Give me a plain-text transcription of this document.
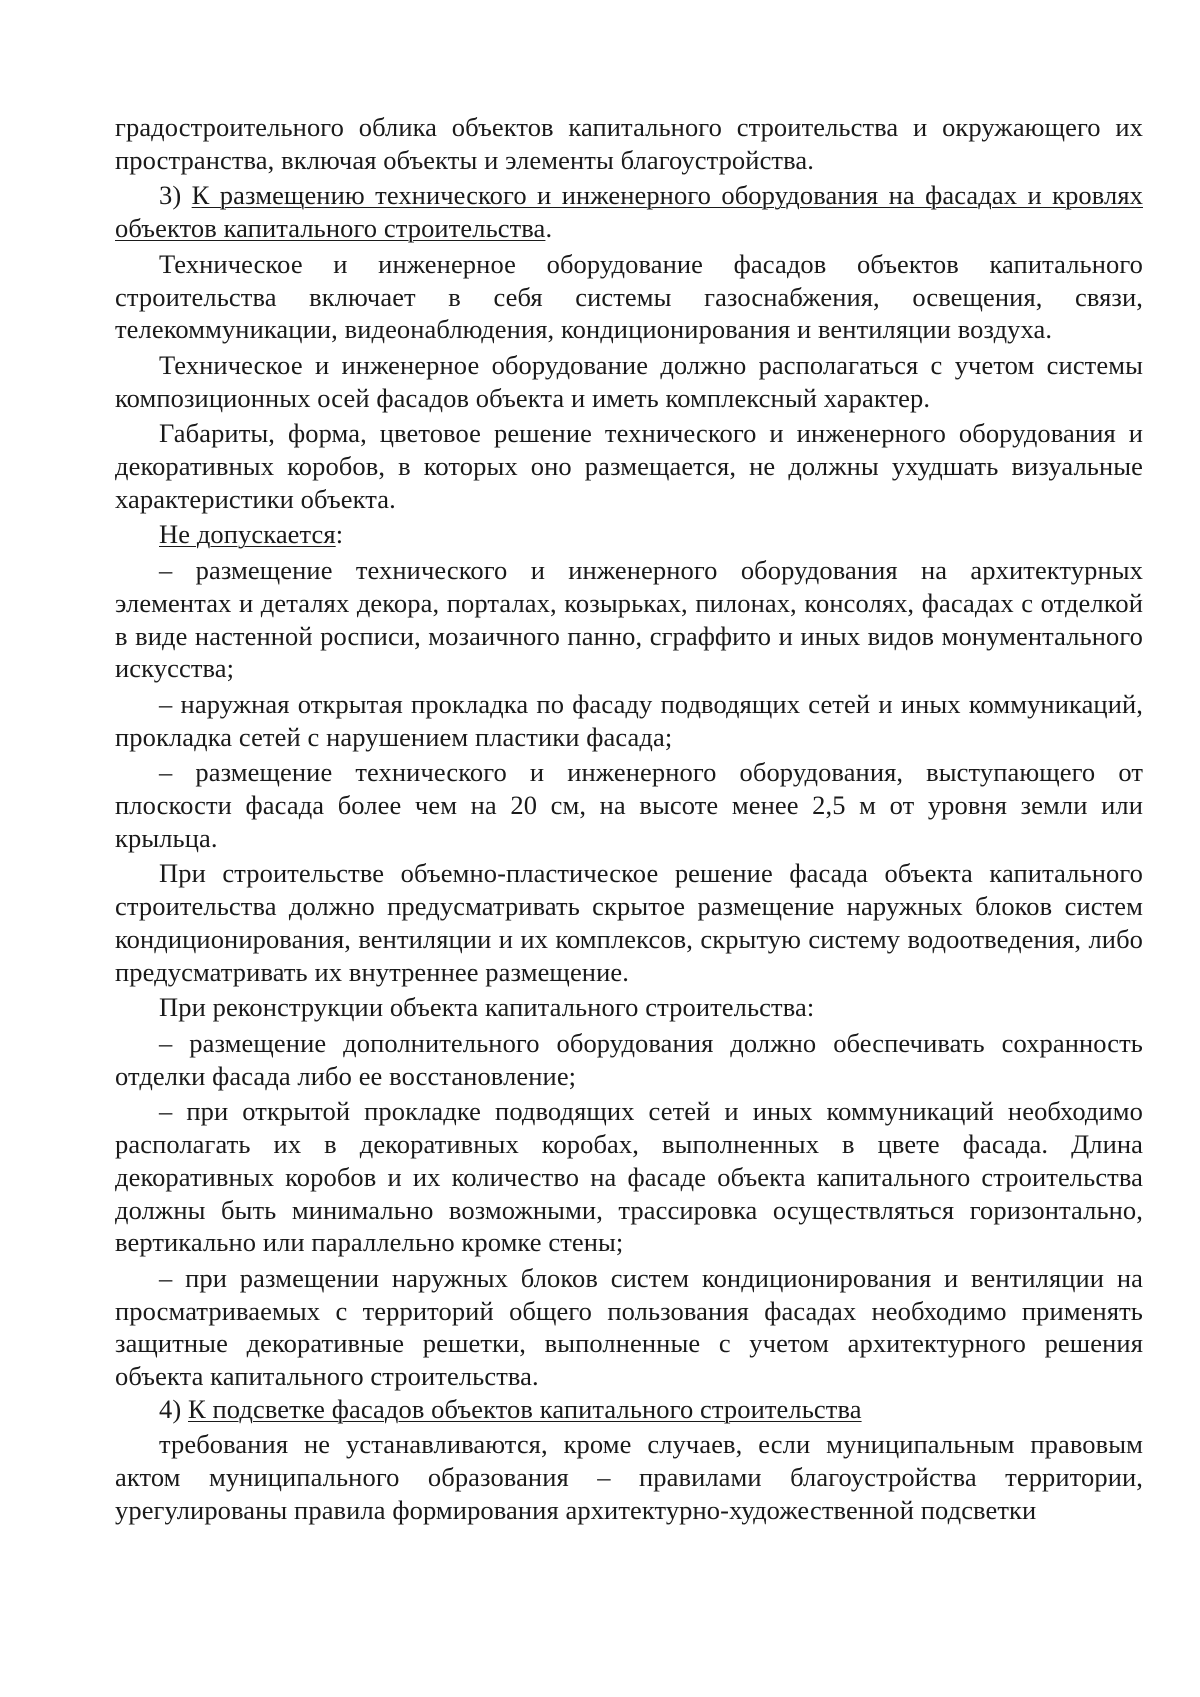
градостроительного облика объектов капитального строительства и окружающего их пространства, включая объекты и элементы благоустройства.

3) К размещению технического и инженерного оборудования на фасадах и кровлях объектов капитального строительства.

Техническое и инженерное оборудование фасадов объектов капитального строительства включает в себя системы газоснабжения, освещения, связи, телекоммуникации, видеонаблюдения, кондиционирования и вентиляции воздуха.

Техническое и инженерное оборудование должно располагаться с учетом системы композиционных осей фасадов объекта и иметь комплексный характер.

Габариты, форма, цветовое решение технического и инженерного оборудования и декоративных коробов, в которых оно размещается, не должны ухудшать визуальные характеристики объекта.

Не допускается:

– размещение технического и инженерного оборудования на архитектурных элементах и деталях декора, порталах, козырьках, пилонах, консолях, фасадах с отделкой в виде настенной росписи, мозаичного панно, сграффито и иных видов монументального искусства;

– наружная открытая прокладка по фасаду подводящих сетей и иных коммуникаций, прокладка сетей с нарушением пластики фасада;

– размещение технического и инженерного оборудования, выступающего от плоскости фасада более чем на 20 см, на высоте менее 2,5 м от уровня земли или крыльца.

При строительстве объемно-пластическое решение фасада объекта капитального строительства должно предусматривать скрытое размещение наружных блоков систем кондиционирования, вентиляции и их комплексов, скрытую систему водоотведения, либо предусматривать их внутреннее размещение.

При реконструкции объекта капитального строительства:

– размещение дополнительного оборудования должно обеспечивать сохранность отделки фасада либо ее восстановление;

– при открытой прокладке подводящих сетей и иных коммуникаций необходимо располагать их в декоративных коробах, выполненных в цвете фасада. Длина декоративных коробов и их количество на фасаде объекта капитального строительства должны быть минимально возможными, трассировка осуществляться горизонтально, вертикально или параллельно кромке стены;

– при размещении наружных блоков систем кондиционирования и вентиляции на просматриваемых с территорий общего пользования фасадах необходимо применять защитные декоративные решетки, выполненные с учетом архитектурного решения объекта капитального строительства.

4) К подсветке фасадов объектов капитального строительства

требования не устанавливаются, кроме случаев, если муниципальным правовым актом муниципального образования – правилами благоустройства территории, урегулированы правила формирования архитектурно-художественной подсветки
